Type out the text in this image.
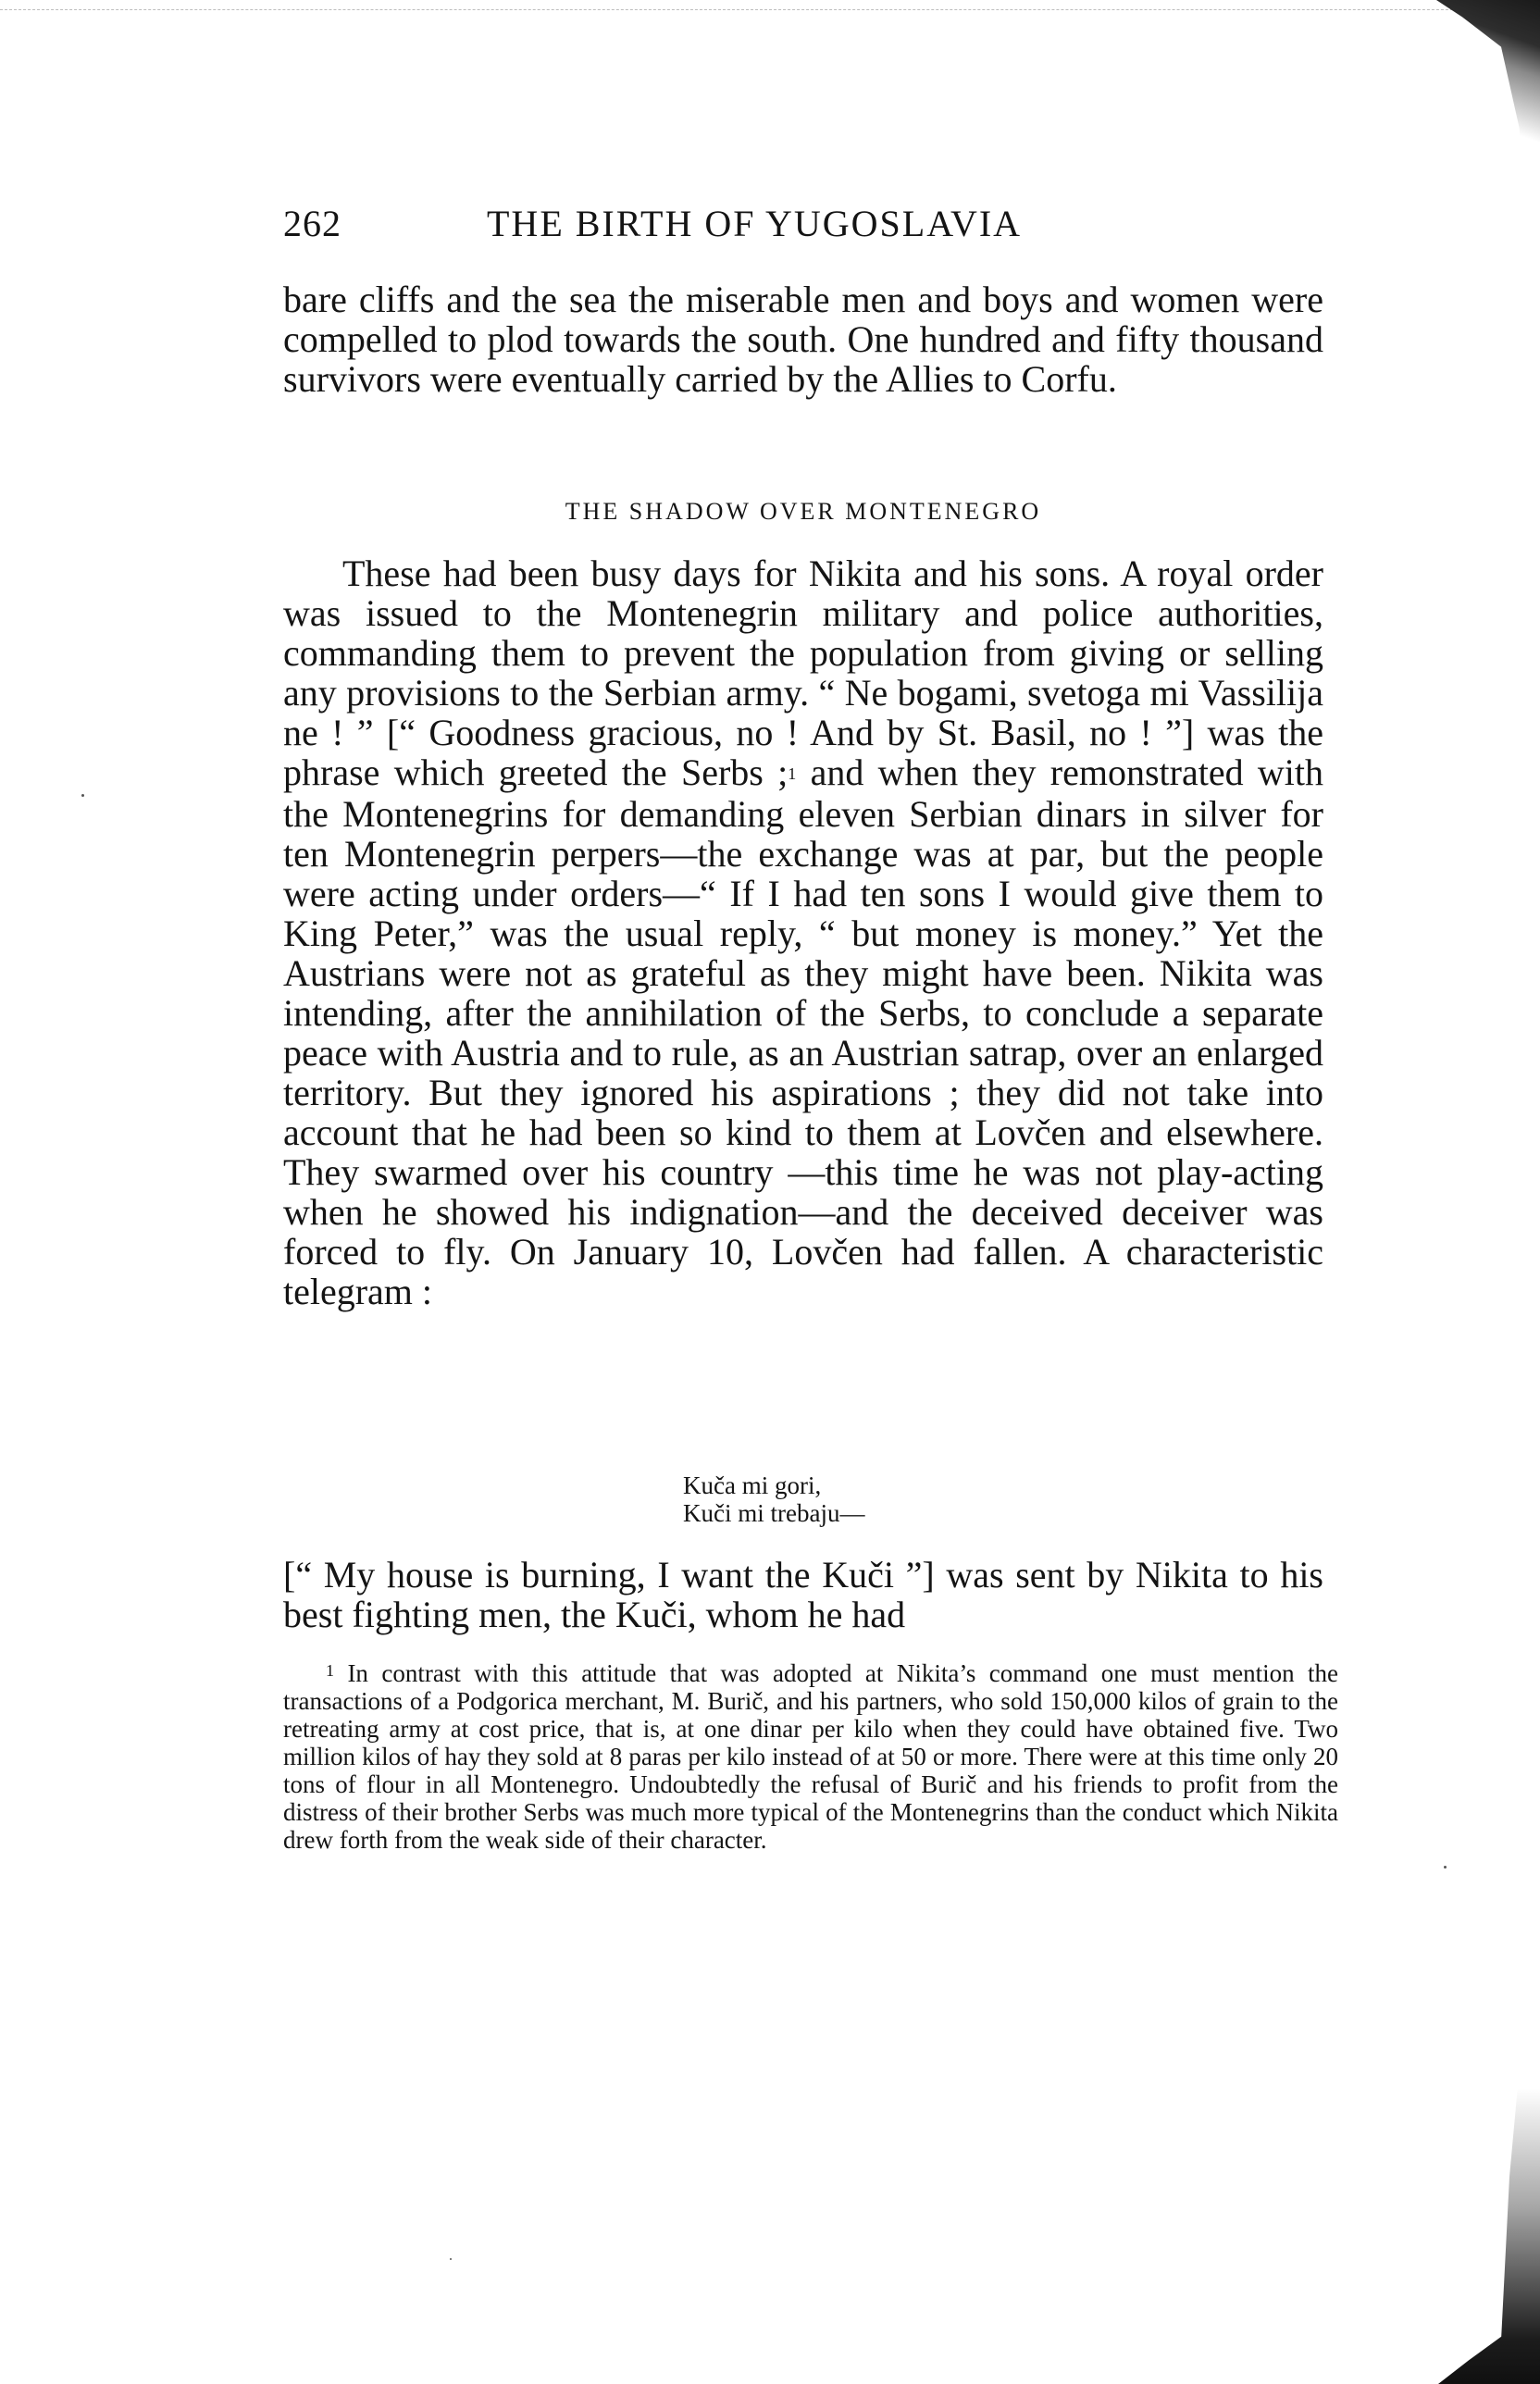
262	THE BIRTH OF YUGOSLAVIA

bare cliffs and the sea the miserable men and boys and women were compelled to plod towards the south. One hundred and fifty thousand survivors were eventually carried by the Allies to Corfu.

THE SHADOW OVER MONTENEGRO

These had been busy days for Nikita and his sons. A royal order was issued to the Montenegrin military and police authorities, commanding them to prevent the population from giving or selling any provisions to the Serbian army. “ Ne bogami, svetoga mi Vassilija ne ! ” [“ Goodness gracious, no ! And by St. Basil, no ! ”] was the phrase which greeted the Serbs ;$^1$ and when they remonstrated with the Montenegrins for demanding eleven Serbian dinars in silver for ten Montenegrin perpers—the exchange was at par, but the people were acting under orders—“ If I had ten sons I would give them to King Peter,” was the usual reply, “ but money is money.” Yet the Austrians were not as grateful as they might have been. Nikita was intending, after the annihilation of the Serbs, to conclude a separate peace with Austria and to rule, as an Austrian satrap, over an enlarged territory. But they ignored his aspirations ; they did not take into account that he had been so kind to them at Lovčen and elsewhere. They swarmed over his country —this time he was not play-acting when he showed his indignation—and the deceived deceiver was forced to fly. On January 10, Lovčen had fallen. A characteristic telegram :

Kuča mi gori,
Kuči mi trebaju—

[“ My house is burning, I want the Kuči ”] was sent by Nikita to his best fighting men, the Kuči, whom he had

$^1$ In contrast with this attitude that was adopted at Nikita’s command one must mention the transactions of a Podgorica merchant, M. Burič, and his partners, who sold 150,000 kilos of grain to the retreating army at cost price, that is, at one dinar per kilo when they could have obtained five. Two million kilos of hay they sold at 8 paras per kilo instead of at 50 or more. There were at this time only 20 tons of flour in all Montenegro. Undoubtedly the refusal of Burič and his friends to profit from the distress of their brother Serbs was much more typical of the Montenegrins than the conduct which Nikita drew forth from the weak side of their character.
